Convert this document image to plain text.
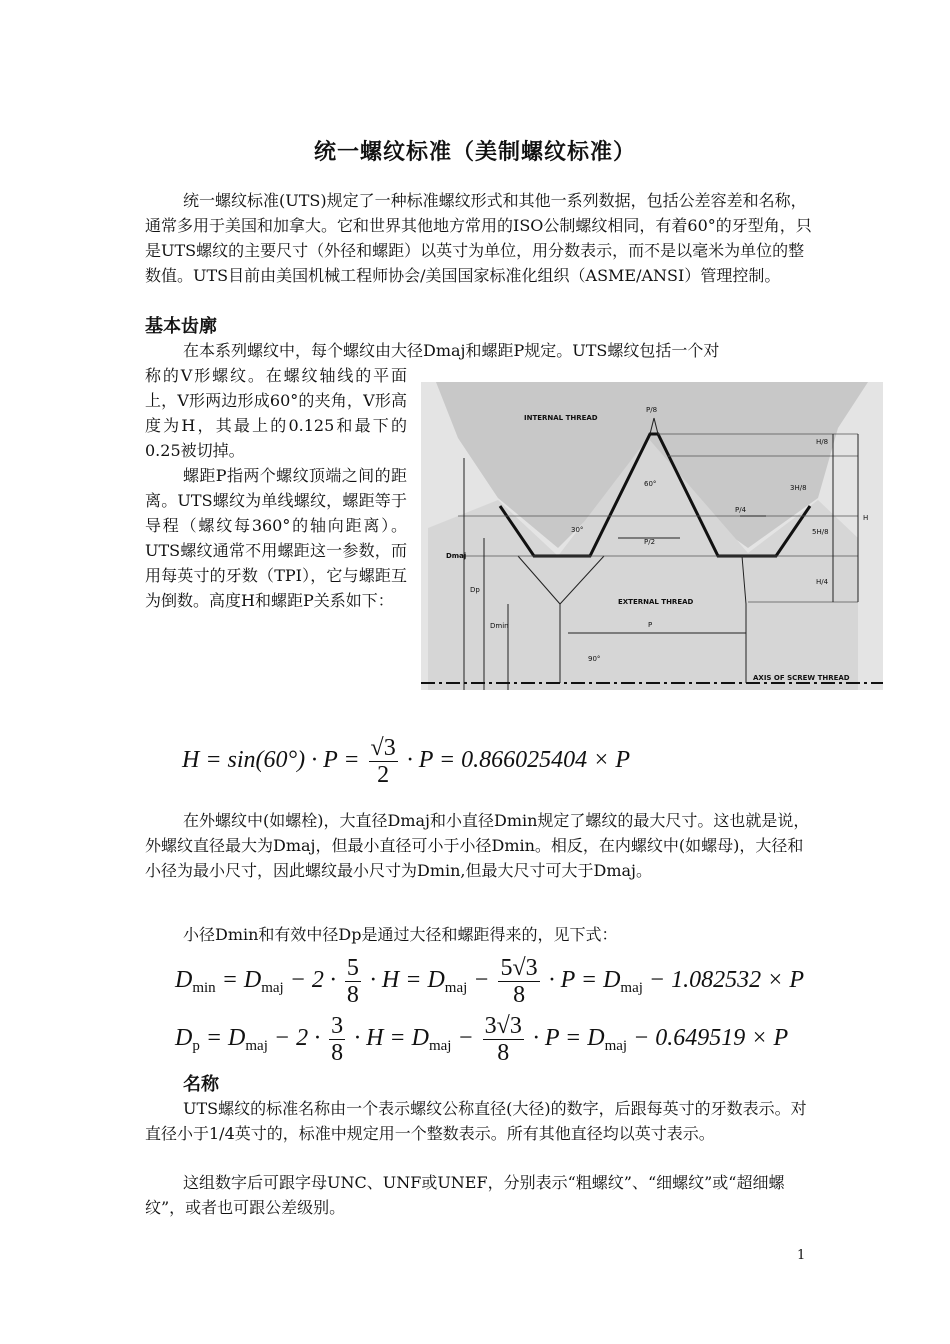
统一螺纹标准（美制螺纹标准）
统一螺纹标准(UTS)规定了一种标准螺纹形式和其他一系列数据，包括公差容差和名称，通常多用于美国和加拿大。它和世界其他地方常用的ISO公制螺纹相同，有着60°的牙型角，只是UTS螺纹的主要尺寸（外径和螺距）以英寸为单位，用分数表示，而不是以毫米为单位的整数值。UTS目前由美国机械工程师协会/美国国家标准化组织（ASME/ANSI）管理控制。
基本齿廓
在本系列螺纹中，每个螺纹由大径Dmaj和螺距P规定。UTS螺纹包括一个对

称的V形螺纹。在螺纹轴线的平面上，V形两边形成60°的夹角，V形高度为H，其最上的0.125和最下的0.25被切掉。

螺距P指两个螺纹顶端之间的距离。UTS螺纹为单线螺纹，螺距等于导程（螺纹每360°的轴向距离）。UTS螺纹通常不用螺距这一参数，而用每英寸的牙数（TPI），它与螺距互为倒数。高度H和螺距P关系如下：

INTERNAL THREAD
EXTERNAL THREAD
AXIS OF SCREW THREAD
P/8
P/4
P/2
P
60°
30°
90°
H/8
3H/8
5H/8
H/4
H
Dmaj
Dp
Dmin
$H = \sin(60^\circ) \cdot P = \frac{√3}{2} \cdot P = 0.866025404 \times P$
在外螺纹中(如螺栓)，大直径Dmaj和小直径Dmin规定了螺纹的最大尺寸。这也就是说，外螺纹直径最大为Dmaj，但最小直径可小于小径Dmin。相反，在内螺纹中(如螺母)，大径和小径为最小尺寸，因此螺纹最小尺寸为Dmin,但最大尺寸可大于Dmaj。
小径Dmin和有效中径Dp是通过大径和螺距得来的，见下式：
$D_{min} = D_{maj} - 2 \cdot \frac{5}{8} \cdot H = D_{maj} - \frac{5√3}{8} \cdot P = D_{maj} - 1.082532 \times P$
$D_p = D_{maj} - 2 \cdot \frac{3}{8} \cdot H = D_{maj} - \frac{3√3}{8} \cdot P = D_{maj} - 0.649519 \times P$
名称
UTS螺纹的标准名称由一个表示螺纹公称直径(大径)的数字，后跟每英寸的牙数表示。对直径小于1/4英寸的，标准中规定用一个整数表示。所有其他直径均以英寸表示。
这组数字后可跟字母UNC、UNF或UNEF，分别表示“粗螺纹”、“细螺纹”或“超细螺纹”，或者也可跟公差级别。
1
